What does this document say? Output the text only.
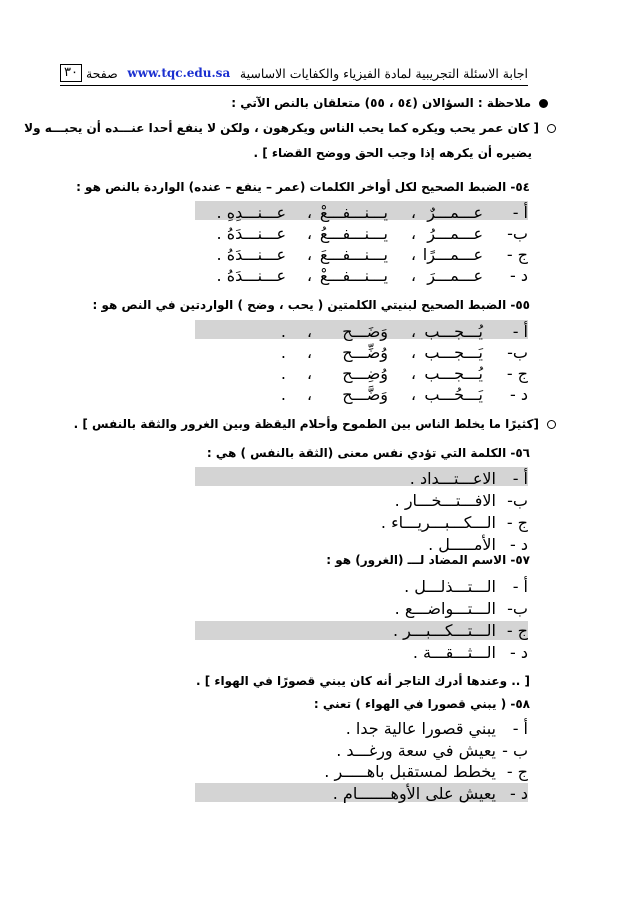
اجابة الاسئلة التجريبية لمادة الفيزياء والكفايات الاساسية
www.tqc.edu.sa
صفحة
٣٠
ملاحظة : السؤالان (٥٤ ، ٥٥) متعلقان بالنص الآتي :
[ كان عمر يحب ويكره كما يحب الناس ويكرهون ، ولكن لا ينفع أحدا عنـــده أن يحبـــه ولا
يضيره أن يكرهه إذا وجب الحق ووضح القضاء ] .
٥٤- الضبط الصحيح لكل أواخر الكلمات (عمر – ينفع – عنده) الواردة بالنص هو :
أ -
عـــمـــرٌ
،
يـــنـــفـــعْ
،
عـــنـــدِهِ .
ب-
عـــمـــرُ
،
يـــنـــفـــعُ
،
عـــنـــدَهُ .
ج -
عـــمـــرًا
،
يـــنـــفـــعَ
،
عـــنـــدَهُ .
د -
عـــمـــرَ
،
يـــنـــفـــعْ
،
عـــنـــدَهُ .
٥٥- الضبط الصحيح لبنيتي الكلمتين ( يحب ، وضح ) الواردتين في النص هو :
أ -
يُـــجـــب
،
وَضَـــح
،
.
ب-
يَـــجـــب
،
وُضِّـــح
،
.
ج -
يُـــجـــب
،
وُضِـــح
،
.
د -
يَـــحُـــب
،
وَضَّـــح
،
.
[كثيرًا ما يخلط الناس بين الطموح وأحلام اليقظة وبين الغرور والثقة بالنفس ] .
٥٦- الكلمة التي تؤدي نفس معنى (الثقة بالنفس ) هي :
أ -
الاعـــتـــداد .
ب-
الافـــتـــخـــار .
ج -
الـــكـــبـــريـــاء .
د -
الأمـــــل .
٥٧- الاسم المضاد لـــ (الغرور) هو :
أ -
الـــتـــذلـــل .
ب-
الـــتـــواضـــع .
ج -
الـــتـــكـــبـــر .
د -
الـــثـــقـــة .
[ .. وعندها أدرك التاجر أنه كان يبني قصورًا في الهواء ] .
٥٨- ( يبني قصورا في الهواء ) تعني :
أ -
يبني قصورا عالية جدا .
ب -
يعيش في سعة ورغـــد .
ج -
يخطط لمستقبل باهـــــر .
د -
يعيش على الأوهـــــــام .
